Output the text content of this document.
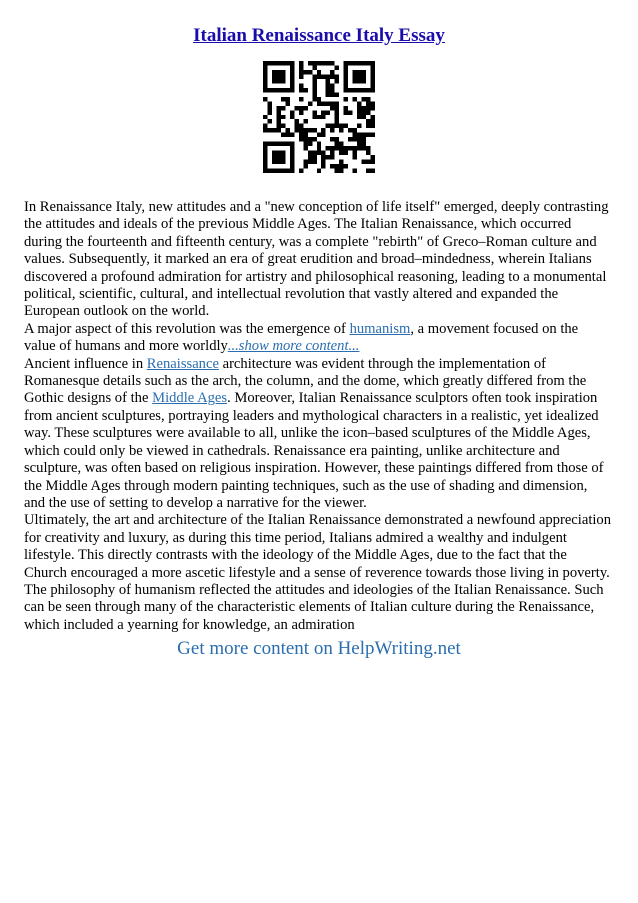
Italian Renaissance Italy Essay

In Renaissance Italy, new attitudes and a "new conception of life itself" emerged, deeply contrasting the attitudes and ideals of the previous Middle Ages. The Italian Renaissance, which occurred during the fourteenth and fifteenth century, was a complete "rebirth" of Greco–Roman culture and values. Subsequently, it marked an era of great erudition and broad–mindedness, wherein Italians discovered a profound admiration for artistry and philosophical reasoning, leading to a monumental political, scientific, cultural, and intellectual revolution that vastly altered and expanded the European outlook on the world.

A major aspect of this revolution was the emergence of humanism, a movement focused on the value of humans and more worldly...show more content...

Ancient influence in Renaissance architecture was evident through the implementation of Romanesque details such as the arch, the column, and the dome, which greatly differed from the Gothic designs of the Middle Ages. Moreover, Italian Renaissance sculptors often took inspiration from ancient sculptures, portraying leaders and mythological characters in a realistic, yet idealized way. These sculptures were available to all, unlike the icon–based sculptures of the Middle Ages, which could only be viewed in cathedrals. Renaissance era painting, unlike architecture and sculpture, was often based on religious inspiration. However, these paintings differed from those of the Middle Ages through modern painting techniques, such as the use of shading and dimension, and the use of setting to develop a narrative for the viewer.

Ultimately, the art and architecture of the Italian Renaissance demonstrated a newfound appreciation for creativity and luxury, as during this time period, Italians admired a wealthy and indulgent lifestyle. This directly contrasts with the ideology of the Middle Ages, due to the fact that the Church encouraged a more ascetic lifestyle and a sense of reverence towards those living in poverty. The philosophy of humanism reflected the attitudes and ideologies of the Italian Renaissance. Such can be seen through many of the characteristic elements of Italian culture during the Renaissance, which included a yearning for knowledge, an admiration

Get more content on HelpWriting.net
